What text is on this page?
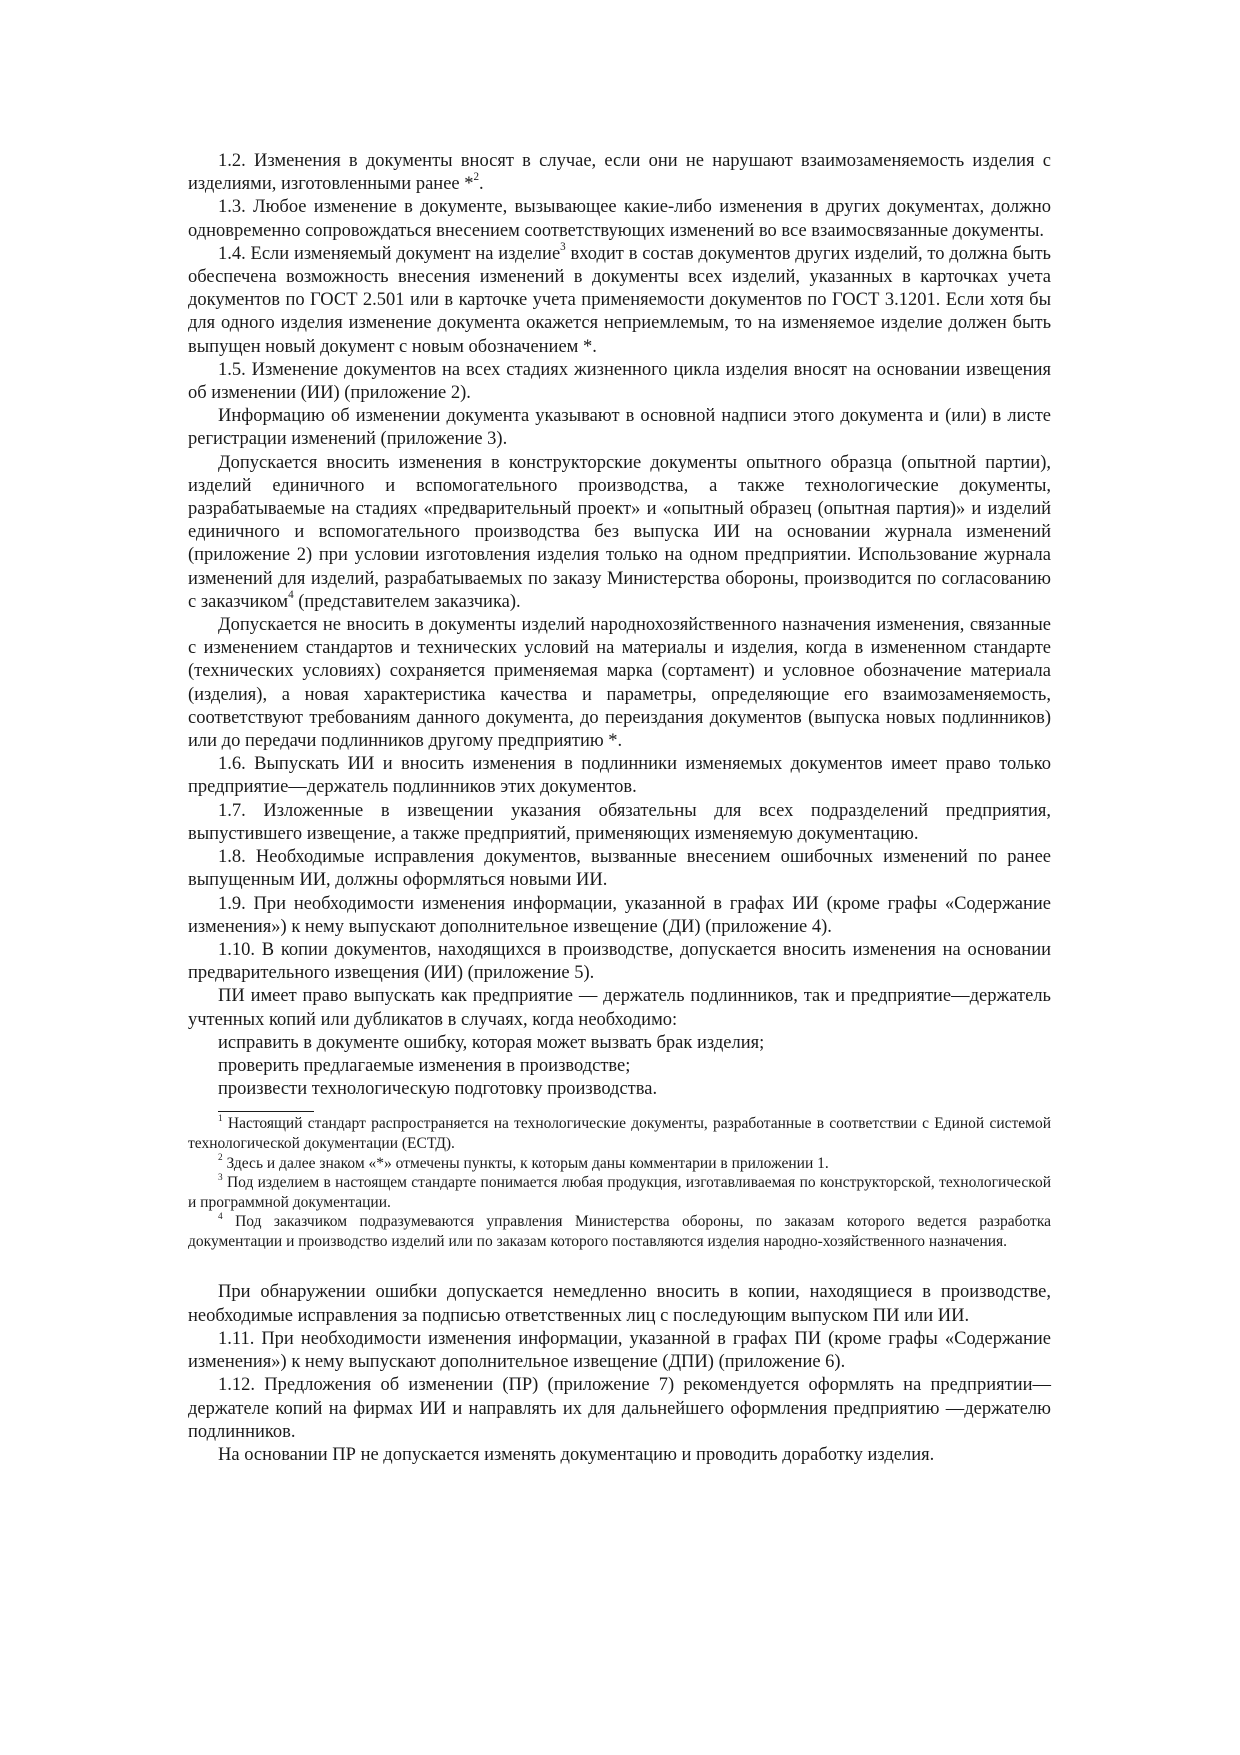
1.2. Изменения в документы вносят в случае, если они не нарушают взаимозаменяемость изделия с изделиями, изготовленными ранее *$^2$.

1.3. Любое изменение в документе, вызывающее какие-либо изменения в других документах, должно одновременно сопровождаться внесением соответствующих изменений во все взаимосвязанные документы.

1.4. Если изменяемый документ на изделие$^3$ входит в состав документов других изделий, то должна быть обеспечена возможность внесения изменений в документы всех изделий, указанных в карточках учета документов по ГОСТ 2.501 или в карточке учета применяемости документов по ГОСТ 3.1201. Если хотя бы для одного изделия изменение документа окажется неприемлемым, то на изменяемое изделие должен быть выпущен новый документ с новым обозначением *.

1.5. Изменение документов на всех стадиях жизненного цикла изделия вносят на основании извещения об изменении (ИИ) (приложение 2).

Информацию об изменении документа указывают в основной надписи этого документа и (или) в листе регистрации изменений (приложение 3).

Допускается вносить изменения в конструкторские документы опытного образца (опытной партии), изделий единичного и вспомогательного производства, а также технологические документы, разрабатываемые на стадиях «предварительный проект» и «опытный образец (опытная партия)» и изделий единичного и вспомогательного производства без выпуска ИИ на основании журнала изменений (приложение 2) при условии изготовления изделия только на одном предприятии. Использование журнала изменений для изделий, разрабатываемых по заказу Министерства обороны, производится по согласованию с заказчиком$^4$ (представителем заказчика).

Допускается не вносить в документы изделий народнохозяйственного назначения изменения, связанные с изменением стандартов и технических условий на материалы и изделия, когда в измененном стандарте (технических условиях) сохраняется применяемая марка (сортамент) и условное обозначение материала (изделия), а новая характеристика качества и параметры, определяющие его взаимозаменяемость, соответствуют требованиям данного документа, до переиздания документов (выпуска новых подлинников) или до передачи подлинников другому предприятию *.

1.6. Выпускать ИИ и вносить изменения в подлинники изменяемых документов имеет право только предприятие—держатель подлинников этих документов.

1.7. Изложенные в извещении указания обязательны для всех подразделений предприятия, выпустившего извещение, а также предприятий, применяющих изменяемую документацию.

1.8. Необходимые исправления документов, вызванные внесением ошибочных изменений по ранее выпущенным ИИ, должны оформляться новыми ИИ.

1.9. При необходимости изменения информации, указанной в графах ИИ (кроме графы «Содержание изменения») к нему выпускают дополнительное извещение (ДИ) (приложение 4).

1.10. В копии документов, находящихся в производстве, допускается вносить изменения на основании предварительного извещения (ИИ) (приложение 5).

ПИ имеет право выпускать как предприятие — держатель подлинников, так и предприятие—держатель учтенных копий или дубликатов в случаях, когда необходимо:

исправить в документе ошибку, которая может вызвать брак изделия;

проверить предлагаемые изменения в производстве;

произвести технологическую подготовку производства.

$^1$ Настоящий стандарт распространяется на технологические документы, разработанные в соответствии с Единой системой технологической документации (ЕСТД).

$^2$ Здесь и далее знаком «*» отмечены пункты, к которым даны комментарии в приложении 1.

$^3$ Под изделием в настоящем стандарте понимается любая продукция, изготавливаемая по конструкторской, технологической и программной документации.

$^4$ Под заказчиком подразумеваются управления Министерства обороны, по заказам которого ведется разработка документации и производство изделий или по заказам которого поставляются изделия народно-хозяйственного назначения.

При обнаружении ошибки допускается немедленно вносить в копии, находящиеся в производстве, необходимые исправления за подписью ответственных лиц с последующим выпуском ПИ или ИИ.

1.11. При необходимости изменения информации, указанной в графах ПИ (кроме графы «Содержание изменения») к нему выпускают дополнительное извещение (ДПИ) (приложение 6).

1.12. Предложения об изменении (ПР) (приложение 7) рекомендуется оформлять на предприятии—держателе копий на фирмах ИИ и направлять их для дальнейшего оформления предприятию —держателю подлинников.

На основании ПР не допускается изменять документацию и проводить доработку изделия.
